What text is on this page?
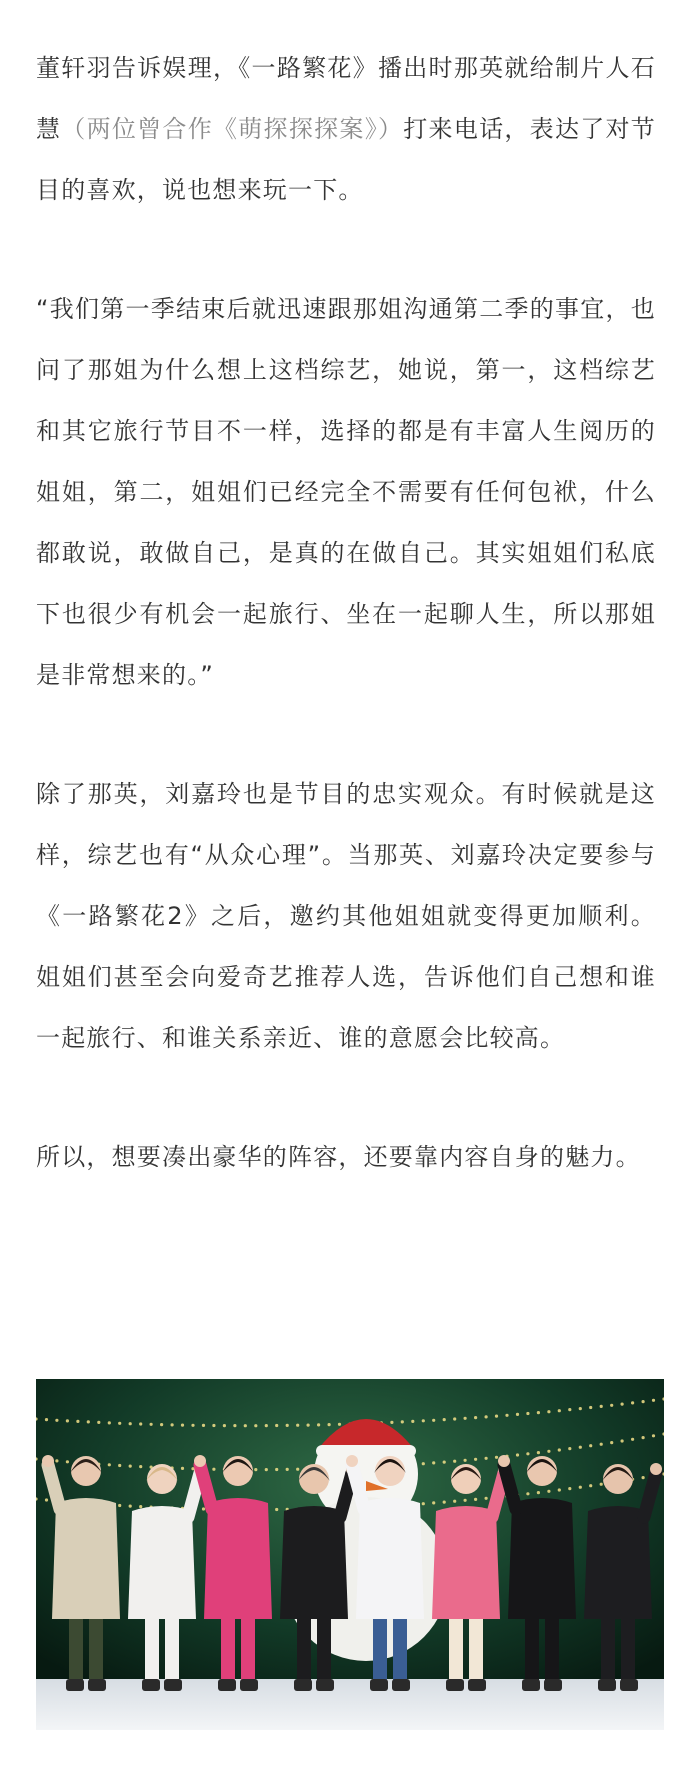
董轩羽告诉娱理，《一路繁花》播出时那英就给制片人石慧（两位曾合作《萌探探探案》）打来电话，表达了对节目的喜欢，说也想来玩一下。

“我们第一季结束后就迅速跟那姐沟通第二季的事宜，也问了那姐为什么想上这档综艺，她说，第一，这档综艺和其它旅行节目不一样，选择的都是有丰富人生阅历的姐姐，第二，姐姐们已经完全不需要有任何包袱，什么都敢说，敢做自己，是真的在做自己。其实姐姐们私底下也很少有机会一起旅行、坐在一起聊人生，所以那姐是非常想来的。”

除了那英，刘嘉玲也是节目的忠实观众。有时候就是这样，综艺也有“从众心理”。当那英、刘嘉玲决定要参与《一路繁花2》之后，邀约其他姐姐就变得更加顺利。姐姐们甚至会向爱奇艺推荐人选，告诉他们自己想和谁一起旅行、和谁关系亲近、谁的意愿会比较高。

所以，想要凑出豪华的阵容，还要靠内容自身的魅力。
